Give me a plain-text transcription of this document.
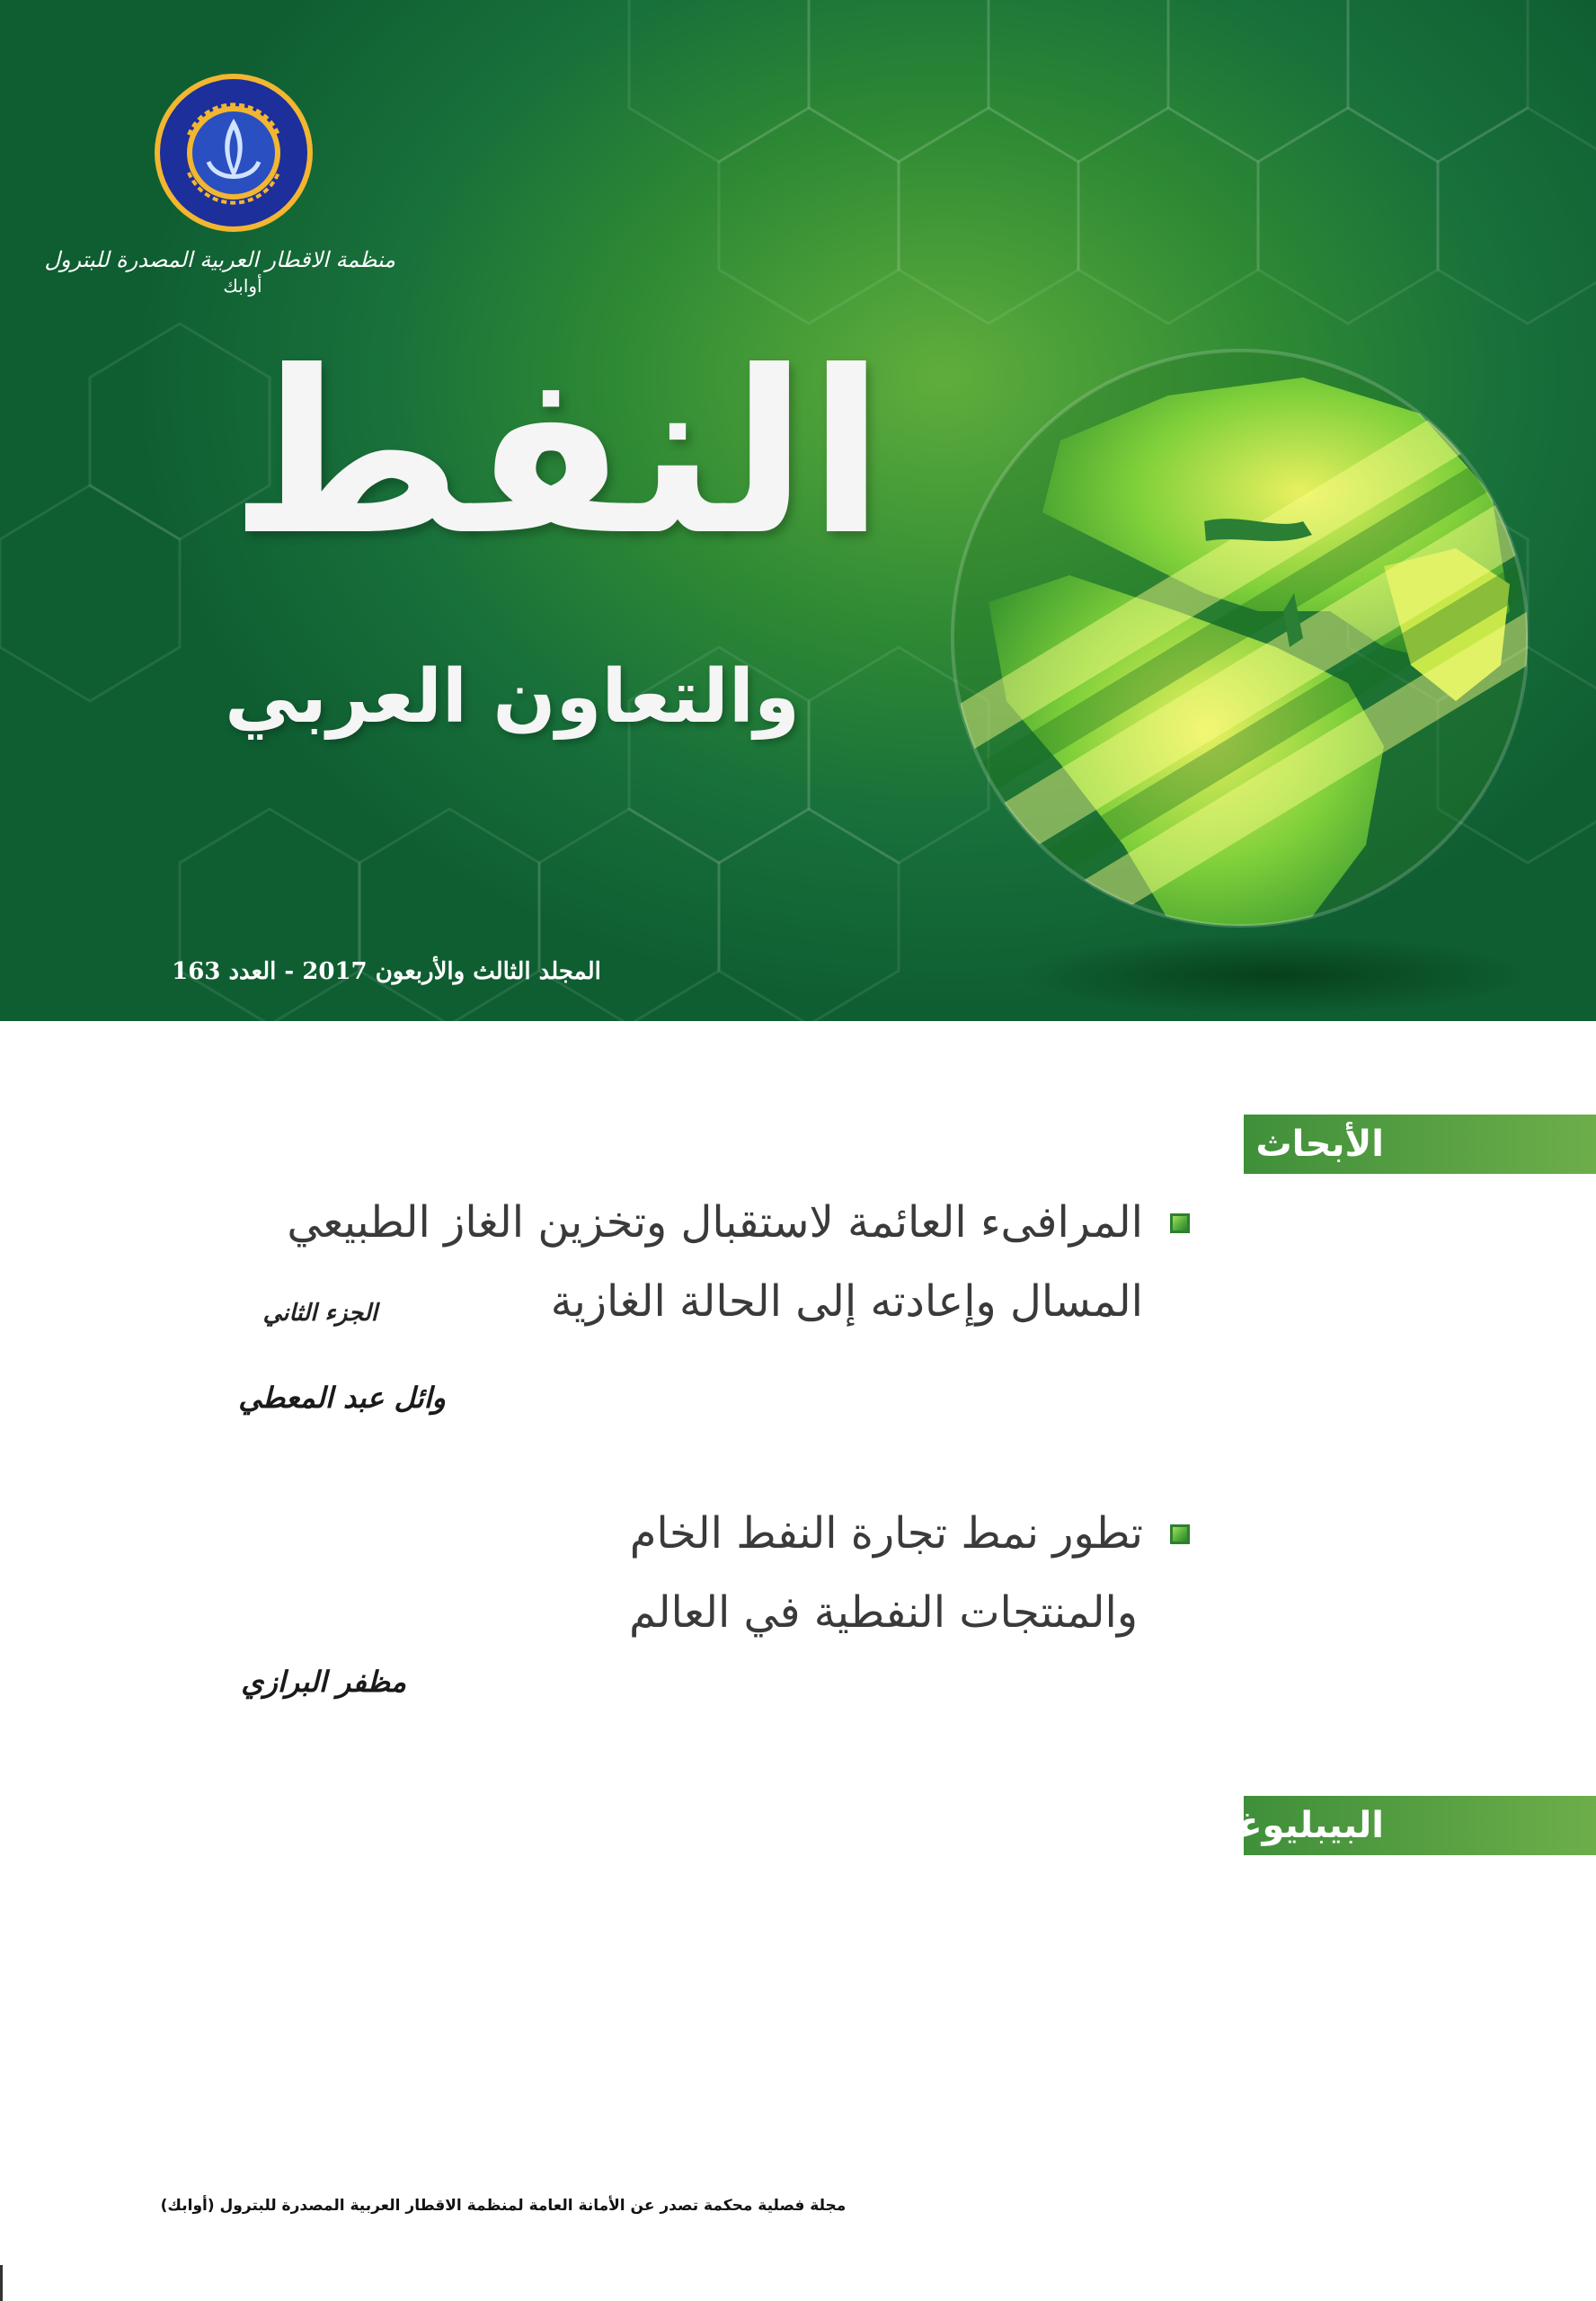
منظمة الاقطار العربية المصدرة للبترول
أوابك
النفط
والتعاون العربي
المجلد الثالث والأربعون 2017 - العدد 163
الأبحاث
المرافىء العائمة لاستقبال وتخزين الغاز الطبيعي
المسال وإعادته إلى الحالة الغازية
الجزء الثاني
وائل عبد المعطي
تطور نمط تجارة النفط الخام
والمنتجات النفطية في العالم
مظفر البرازي
البيبليوغرافيا
مجلة فصلية محكمة تصدر عن الأمانة العامة لمنظمة الاقطار العربية المصدرة للبترول (أوابك)
